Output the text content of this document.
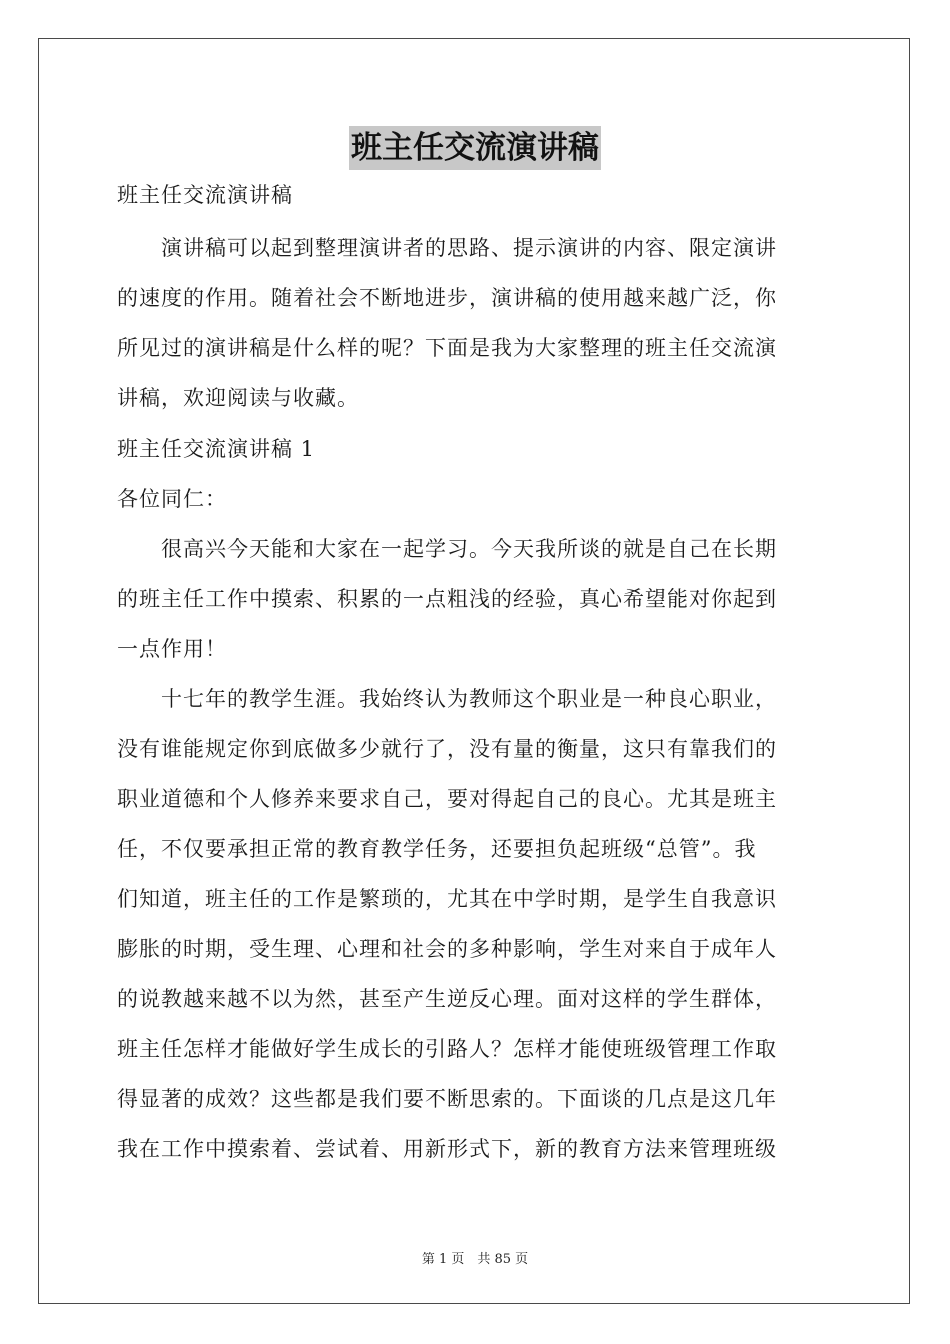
班主任交流演讲稿
班主任交流演讲稿
　　演讲稿可以起到整理演讲者的思路、提示演讲的内容、限定演讲
的速度的作用。随着社会不断地进步，演讲稿的使用越来越广泛，你
所见过的演讲稿是什么样的呢？下面是我为大家整理的班主任交流演
讲稿，欢迎阅读与收藏。
班主任交流演讲稿 1
各位同仁：
　　很高兴今天能和大家在一起学习。今天我所谈的就是自己在长期
的班主任工作中摸索、积累的一点粗浅的经验，真心希望能对你起到
一点作用！
　　十七年的教学生涯。我始终认为教师这个职业是一种良心职业，
没有谁能规定你到底做多少就行了，没有量的衡量，这只有靠我们的
职业道德和个人修养来要求自己，要对得起自己的良心。尤其是班主
任，不仅要承担正常的教育教学任务，还要担负起班级“总管”。我
们知道，班主任的工作是繁琐的，尤其在中学时期，是学生自我意识
膨胀的时期，受生理、心理和社会的多种影响，学生对来自于成年人
的说教越来越不以为然，甚至产生逆反心理。面对这样的学生群体，
班主任怎样才能做好学生成长的引路人？怎样才能使班级管理工作取
得显著的成效？这些都是我们要不断思索的。下面谈的几点是这几年
我在工作中摸索着、尝试着、用新形式下，新的教育方法来管理班级
第 1 页　共 85 页
